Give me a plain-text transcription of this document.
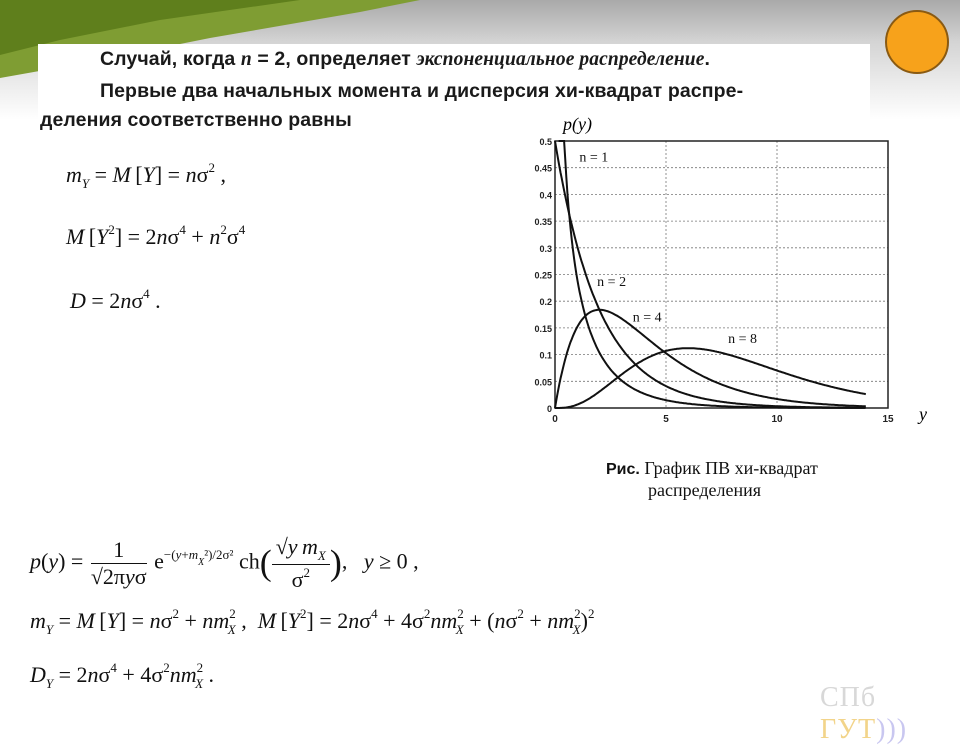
Случай, когда n = 2, определяет экспоненциальное распределение.
Первые два начальных момента и дисперсия хи-квадрат распре-
деления соответственно равны
$m_Y = M$ $[Y] = n\sigma^2$ ,
M $[Y^2] = 2n\sigma^4 + n^2\sigma^4$
$D = 2n\sigma^4$ .
0
0.05
0.1
0.15
0.2
0.25
0.3
0.35
0.4
0.45
0.5
0	5	10	15
n = 1
n = 2
n = 4
n = 8
p(y)
y
Рис. График ПВ хи-квадрат
распределения
p(y) =	1
√2πyσ
$e^{-(y+m_X^2)/2\sigma^2}$ $ch( \frac{√y m_X}{\sigma^2}$ ),   y ≥ 0 ,
$m_Y = M$ $[Y] = n\sigma^2 + nm^2_X$ ,  M $[Y^2] = 2n\sigma^4 + 4\sigma^2nm^2_X + (n\sigma^2 + nm^2_X)^2$
$D_Y = 2n\sigma^4 + 4\sigma^2nm^2_X$ .
СПб ГУТ)))
